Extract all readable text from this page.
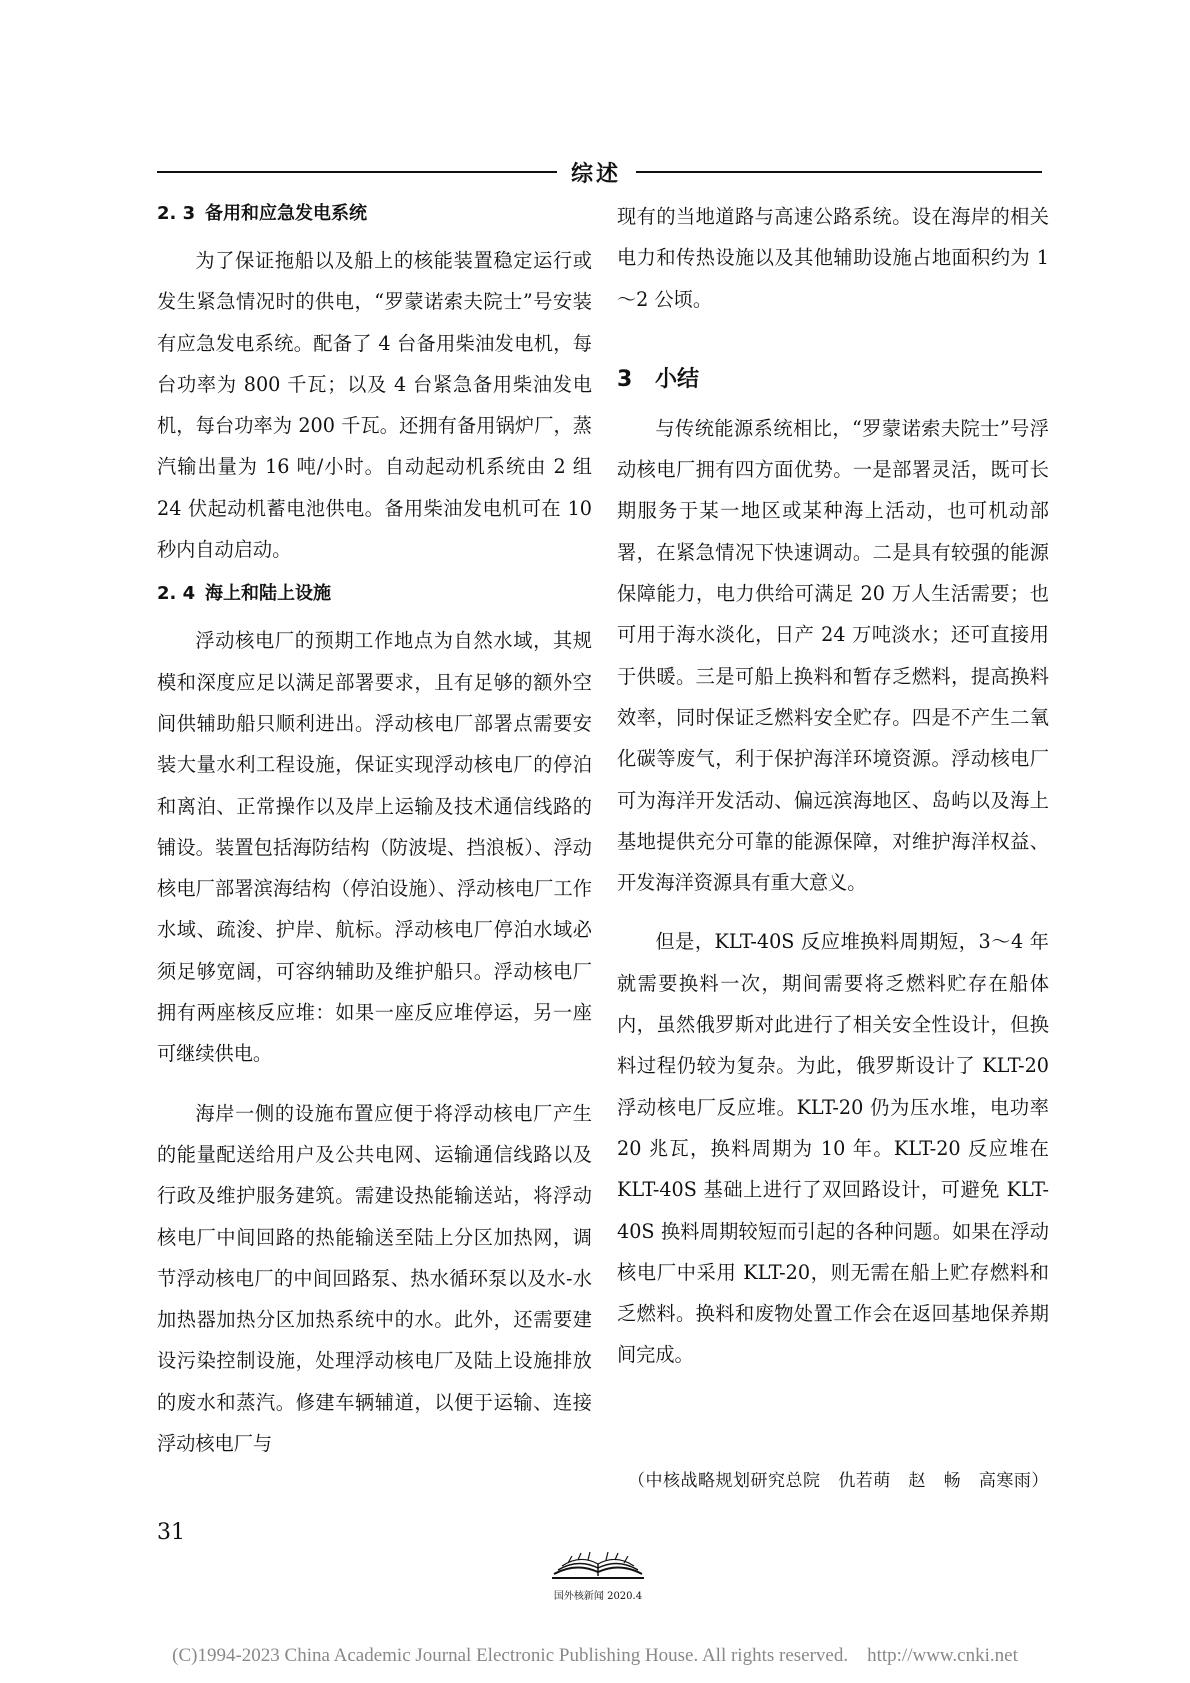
综述
2. 3 备用和应急发电系统

为了保证拖船以及船上的核能装置稳定运行或发生紧急情况时的供电，“罗蒙诺索夫院士”号安装有应急发电系统。配备了 4 台备用柴油发电机，每台功率为 800 千瓦；以及 4 台紧急备用柴油发电机，每台功率为 200 千瓦。还拥有备用锅炉厂，蒸汽输出量为 16 吨/小时。自动起动机系统由 2 组 24 伏起动机蓄电池供电。备用柴油发电机可在 10 秒内自动启动。

2. 4 海上和陆上设施

浮动核电厂的预期工作地点为自然水域，其规模和深度应足以满足部署要求，且有足够的额外空间供辅助船只顺利进出。浮动核电厂部署点需要安装大量水利工程设施，保证实现浮动核电厂的停泊和离泊、正常操作以及岸上运输及技术通信线路的铺设。装置包括海防结构（防波堤、挡浪板）、浮动核电厂部署滨海结构（停泊设施）、浮动核电厂工作水域、疏浚、护岸、航标。浮动核电厂停泊水域必须足够宽阔，可容纳辅助及维护船只。浮动核电厂拥有两座核反应堆：如果一座反应堆停运，另一座可继续供电。

海岸一侧的设施布置应便于将浮动核电厂产生的能量配送给用户及公共电网、运输通信线路以及行政及维护服务建筑。需建设热能输送站，将浮动核电厂中间回路的热能输送至陆上分区加热网，调节浮动核电厂的中间回路泵、热水循环泵以及水-水加热器加热分区加热系统中的水。此外，还需要建设污染控制设施，处理浮动核电厂及陆上设施排放的废水和蒸汽。修建车辆辅道，以便于运输、连接浮动核电厂与

现有的当地道路与高速公路系统。设在海岸的相关电力和传热设施以及其他辅助设施占地面积约为 1～2 公顷。

3 小结

与传统能源系统相比，“罗蒙诺索夫院士”号浮动核电厂拥有四方面优势。一是部署灵活，既可长期服务于某一地区或某种海上活动，也可机动部署，在紧急情况下快速调动。二是具有较强的能源保障能力，电力供给可满足 20 万人生活需要；也可用于海水淡化，日产 24 万吨淡水；还可直接用于供暖。三是可船上换料和暂存乏燃料，提高换料效率，同时保证乏燃料安全贮存。四是不产生二氧化碳等废气，利于保护海洋环境资源。浮动核电厂可为海洋开发活动、偏远滨海地区、岛屿以及海上基地提供充分可靠的能源保障，对维护海洋权益、开发海洋资源具有重大意义。

但是，KLT-40S 反应堆换料周期短，3～4 年就需要换料一次，期间需要将乏燃料贮存在船体内，虽然俄罗斯对此进行了相关安全性设计，但换料过程仍较为复杂。为此，俄罗斯设计了 KLT-20 浮动核电厂反应堆。KLT-20 仍为压水堆，电功率 20 兆瓦，换料周期为 10 年。KLT-20 反应堆在 KLT-40S 基础上进行了双回路设计，可避免 KLT-40S 换料周期较短而引起的各种问题。如果在浮动核电厂中采用 KLT-20，则无需在船上贮存燃料和乏燃料。换料和废物处置工作会在返回基地保养期间完成。

（中核战略规划研究总院   仇若萌   赵   畅   高寒雨）
31
国外核新闻 2020.4
(C)1994-2023 China Academic Journal Electronic Publishing House. All rights reserved.    http://www.cnki.net
